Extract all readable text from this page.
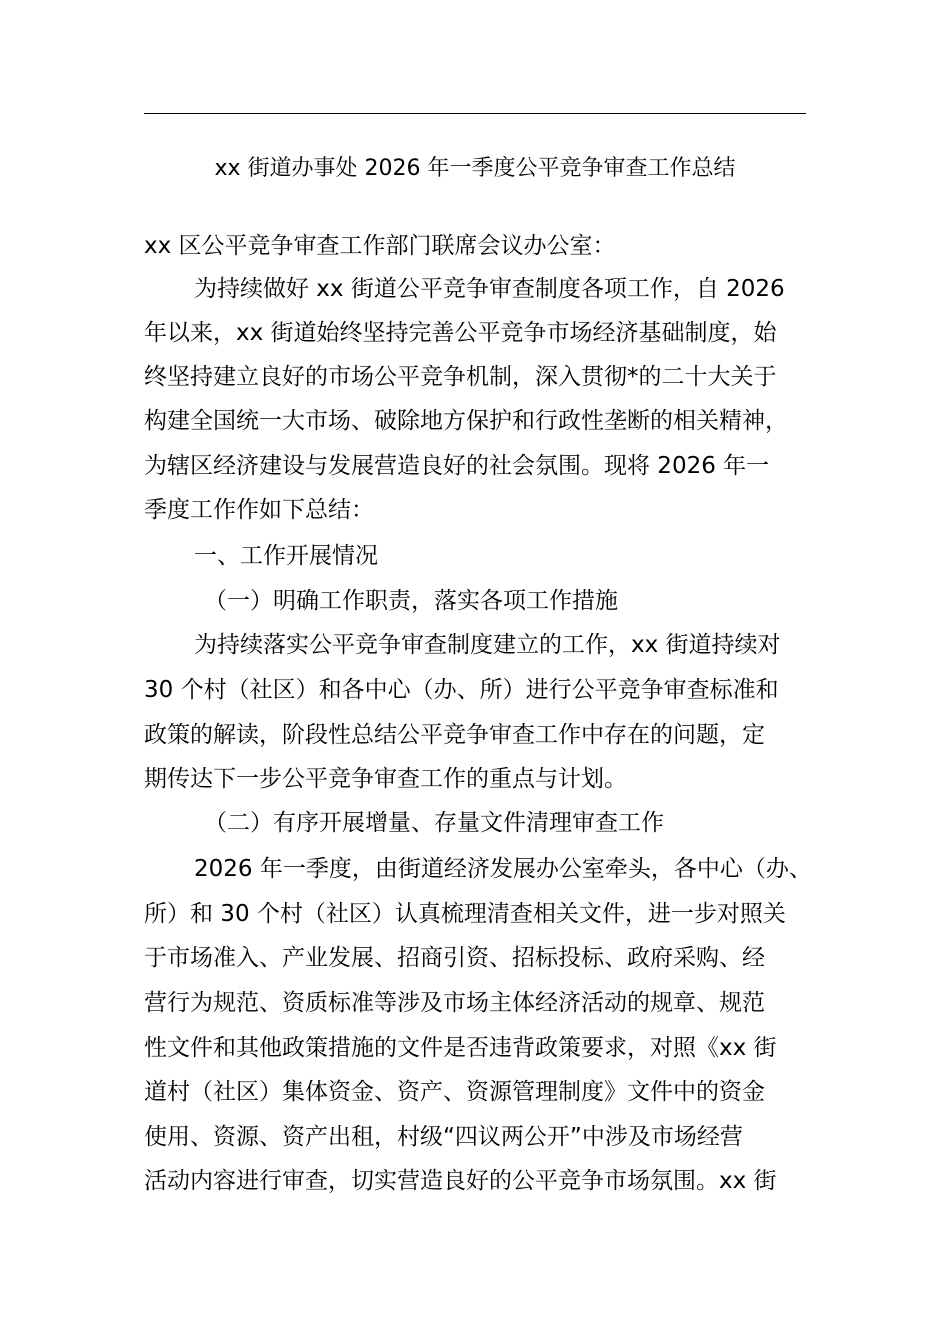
xx 街道办事处 2026 年一季度公平竞争审查工作总结
xx 区公平竞争审查工作部门联席会议办公室：
为持续做好 xx 街道公平竞争审查制度各项工作，自 2026
年以来，xx 街道始终坚持完善公平竞争市场经济基础制度，始
终坚持建立良好的市场公平竞争机制，深入贯彻*的二十大关于
构建全国统一大市场、破除地方保护和行政性垄断的相关精神，
为辖区经济建设与发展营造良好的社会氛围。现将 2026 年一
季度工作作如下总结：
一、工作开展情况
（一）明确工作职责，落实各项工作措施
为持续落实公平竞争审查制度建立的工作，xx 街道持续对
30 个村（社区）和各中心（办、所）进行公平竞争审查标准和
政策的解读，阶段性总结公平竞争审查工作中存在的问题，定
期传达下一步公平竞争审查工作的重点与计划。
（二）有序开展增量、存量文件清理审查工作
2026 年一季度，由街道经济发展办公室牵头，各中心（办、
所）和 30 个村（社区）认真梳理清查相关文件，进一步对照关
于市场准入、产业发展、招商引资、招标投标、政府采购、经
营行为规范、资质标准等涉及市场主体经济活动的规章、规范
性文件和其他政策措施的文件是否违背政策要求，对照《xx 街
道村（社区）集体资金、资产、资源管理制度》文件中的资金
使用、资源、资产出租，村级“四议两公开”中涉及市场经营
活动内容进行审查，切实营造良好的公平竞争市场氛围。xx 街
